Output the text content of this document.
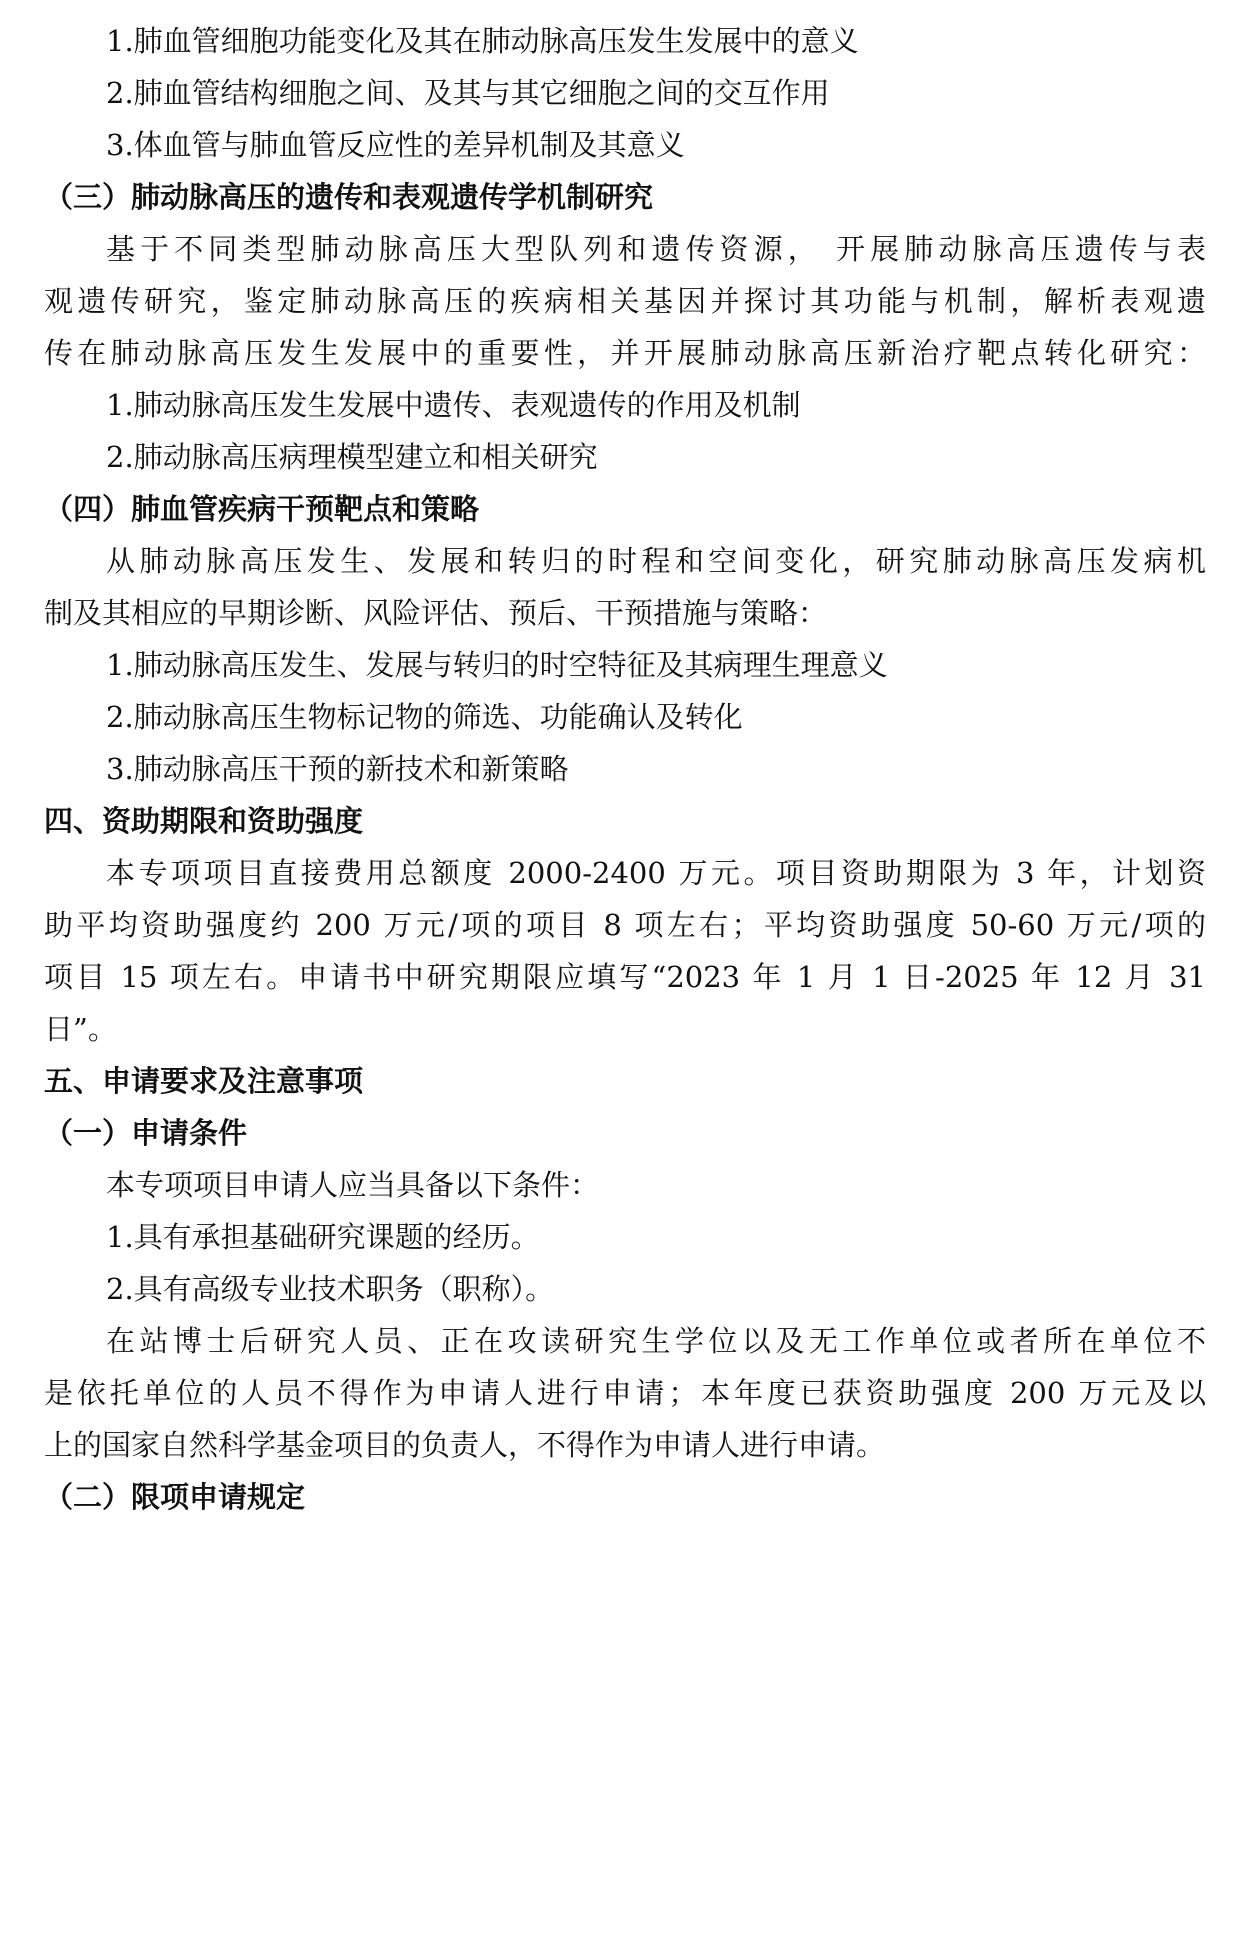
1.肺血管细胞功能变化及其在肺动脉高压发生发展中的意义

2.肺血管结构细胞之间、及其与其它细胞之间的交互作用

3.体血管与肺血管反应性的差异机制及其意义

（三）肺动脉高压的遗传和表观遗传学机制研究

基于不同类型肺动脉高压大型队列和遗传资源， 开展肺动脉高压遗传与表

观遗传研究，鉴定肺动脉高压的疾病相关基因并探讨其功能与机制，解析表观遗

传在肺动脉高压发生发展中的重要性，并开展肺动脉高压新治疗靶点转化研究：

1.肺动脉高压发生发展中遗传、表观遗传的作用及机制

2.肺动脉高压病理模型建立和相关研究

（四）肺血管疾病干预靶点和策略

从肺动脉高压发生、发展和转归的时程和空间变化，研究肺动脉高压发病机

制及其相应的早期诊断、风险评估、预后、干预措施与策略：

1.肺动脉高压发生、发展与转归的时空特征及其病理生理意义

2.肺动脉高压生物标记物的筛选、功能确认及转化

3.肺动脉高压干预的新技术和新策略

四、资助期限和资助强度

本专项项目直接费用总额度 2000-2400 万元。项目资助期限为 3 年，计划资

助平均资助强度约 200 万元/项的项目 8 项左右；平均资助强度 50-60 万元/项的

项目 15 项左右。申请书中研究期限应填写“2023 年 1 月 1 日-2025 年 12 月 31

日”。

五、申请要求及注意事项

（一）申请条件

本专项项目申请人应当具备以下条件：

1.具有承担基础研究课题的经历。

2.具有高级专业技术职务（职称）。

在站博士后研究人员、正在攻读研究生学位以及无工作单位或者所在单位不

是依托单位的人员不得作为申请人进行申请；本年度已获资助强度 200 万元及以

上的国家自然科学基金项目的负责人，不得作为申请人进行申请。

（二）限项申请规定
